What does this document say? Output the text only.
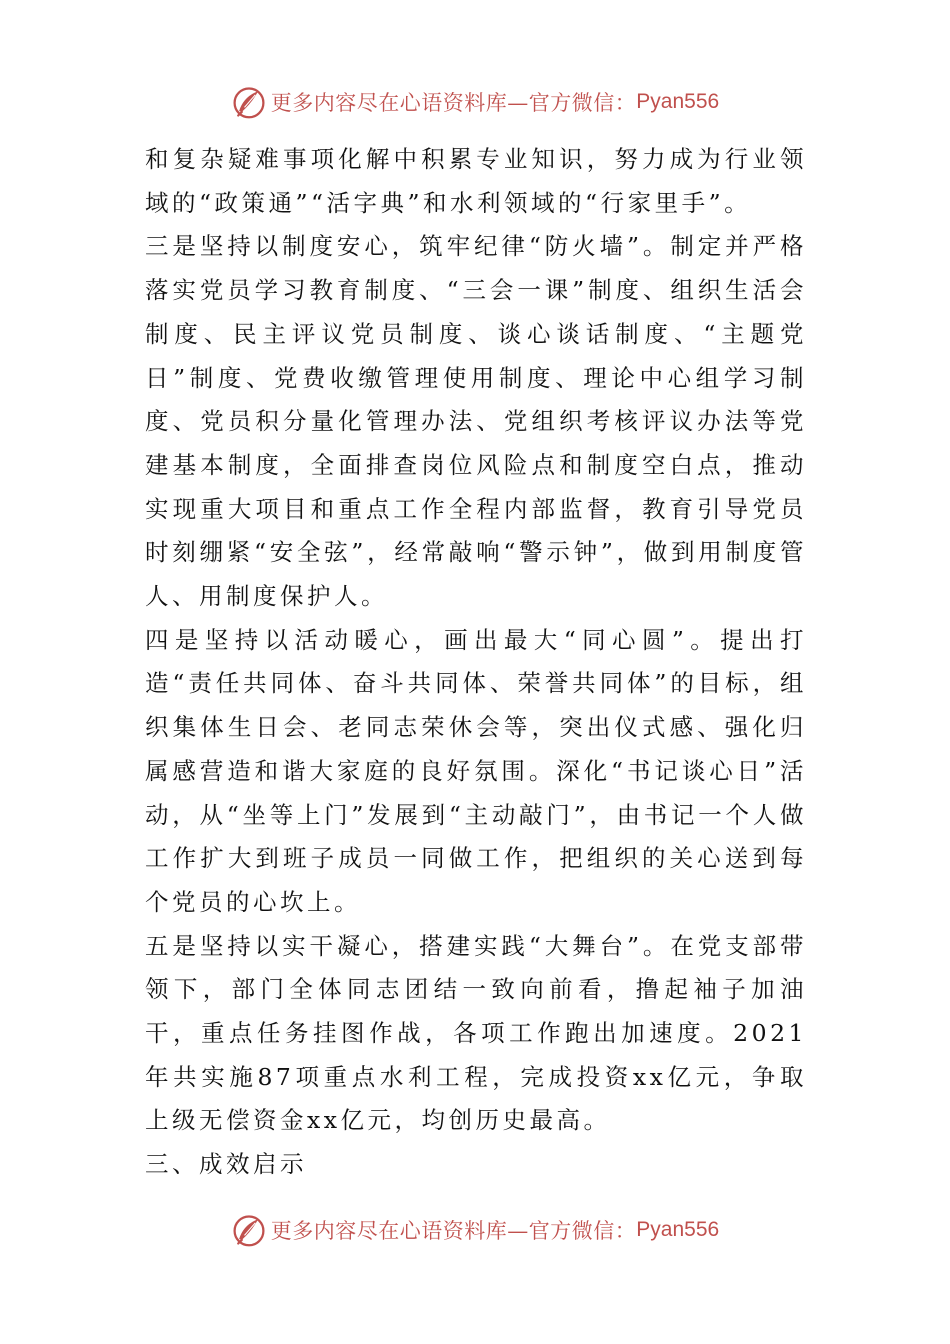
更多内容尽在心语资料库—官方微信： Pyan556

和复杂疑难事项化解中积累专业知识，努力成为行业领域的“政策通”“活字典”和水利领域的“行家里手”。

三是坚持以制度安心，筑牢纪律“防火墙”。制定并严格落实党员学习教育制度、“三会一课”制度、组织生活会制度、民主评议党员制度、谈心谈话制度、“主题党日”制度、党费收缴管理使用制度、理论中心组学习制度、党员积分量化管理办法、党组织考核评议办法等党建基本制度，全面排查岗位风险点和制度空白点，推动实现重大项目和重点工作全程内部监督，教育引导党员时刻绷紧“安全弦”，经常敲响“警示钟”，做到用制度管人、用制度保护人。

四是坚持以活动暖心，画出最大“同心圆”。提出打造“责任共同体、奋斗共同体、荣誉共同体”的目标，组织集体生日会、老同志荣休会等，突出仪式感、强化归属感营造和谐大家庭的良好氛围。深化“书记谈心日”活动，从“坐等上门”发展到“主动敲门”，由书记一个人做工作扩大到班子成员一同做工作，把组织的关心送到每个党员的心坎上。

五是坚持以实干凝心，搭建实践“大舞台”。在党支部带领下，部门全体同志团结一致向前看，撸起袖子加油干，重点任务挂图作战，各项工作跑出加速度。2021年共实施87项重点水利工程，完成投资xx亿元，争取上级无偿资金xx亿元，均创历史最高。

三、成效启示

更多内容尽在心语资料库—官方微信： Pyan556
